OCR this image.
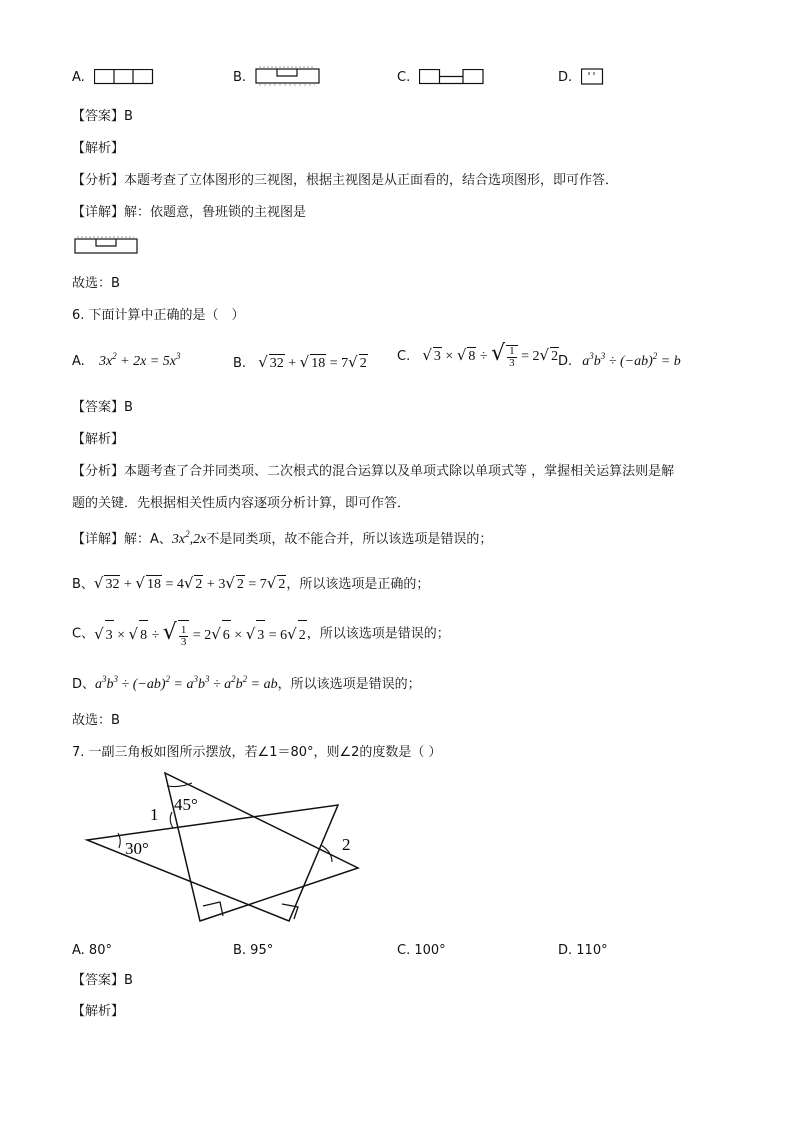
A.	B.	C.	D.
【答案】B
【解析】
【分析】本题考查了立体图形的三视图，根据主视图是从正面看的，结合选项图形，即可作答．
【详解】解：依题意，鲁班锁的主视图是
故选：B
6. 下面计算中正确的是（　）
A. $3x^2 + 2x = 5x^3$	B. √ 32 + √ 18 = 7√ 2 C. √ 3 × √ 8 ÷ √ $\frac{1}{3} = 2√$ 2 D. $a^3b^3 \div (-ab)^2 = b$
【答案】B
【解析】
【分析】本题考查了合并同类项、二次根式的混合运算以及单项式除以单项式等 ，掌握相关运算法则是解
题的关键．先根据相关性质内容逐项分析计算，即可作答．
【详解】解：A、$3x^2,2x$不是同类项，故不能合并，所以该选项是错误的；
B、√ 32 + √ 18 = 4√ 2 + 3√ 2 = 7√ 2，所以该选项是正确的；
C、√ 3 × √ 8 ÷ √ $\frac{1}{3} = 2√$ 6 × √ 3 = 6√ 2，所以该选项是错误的；
D、$a^3b^3 \div (-ab)^2 = a^3b^3 \div a^2b^2$ = ab，所以该选项是错误的；
故选：B
7. 一副三角板如图所示摆放，若∠1＝80°，则∠2的度数是（ ）
45°
1
30°	2
A. 80°	B. 95°	C. 100°	D. 110°
【答案】B
【解析】
